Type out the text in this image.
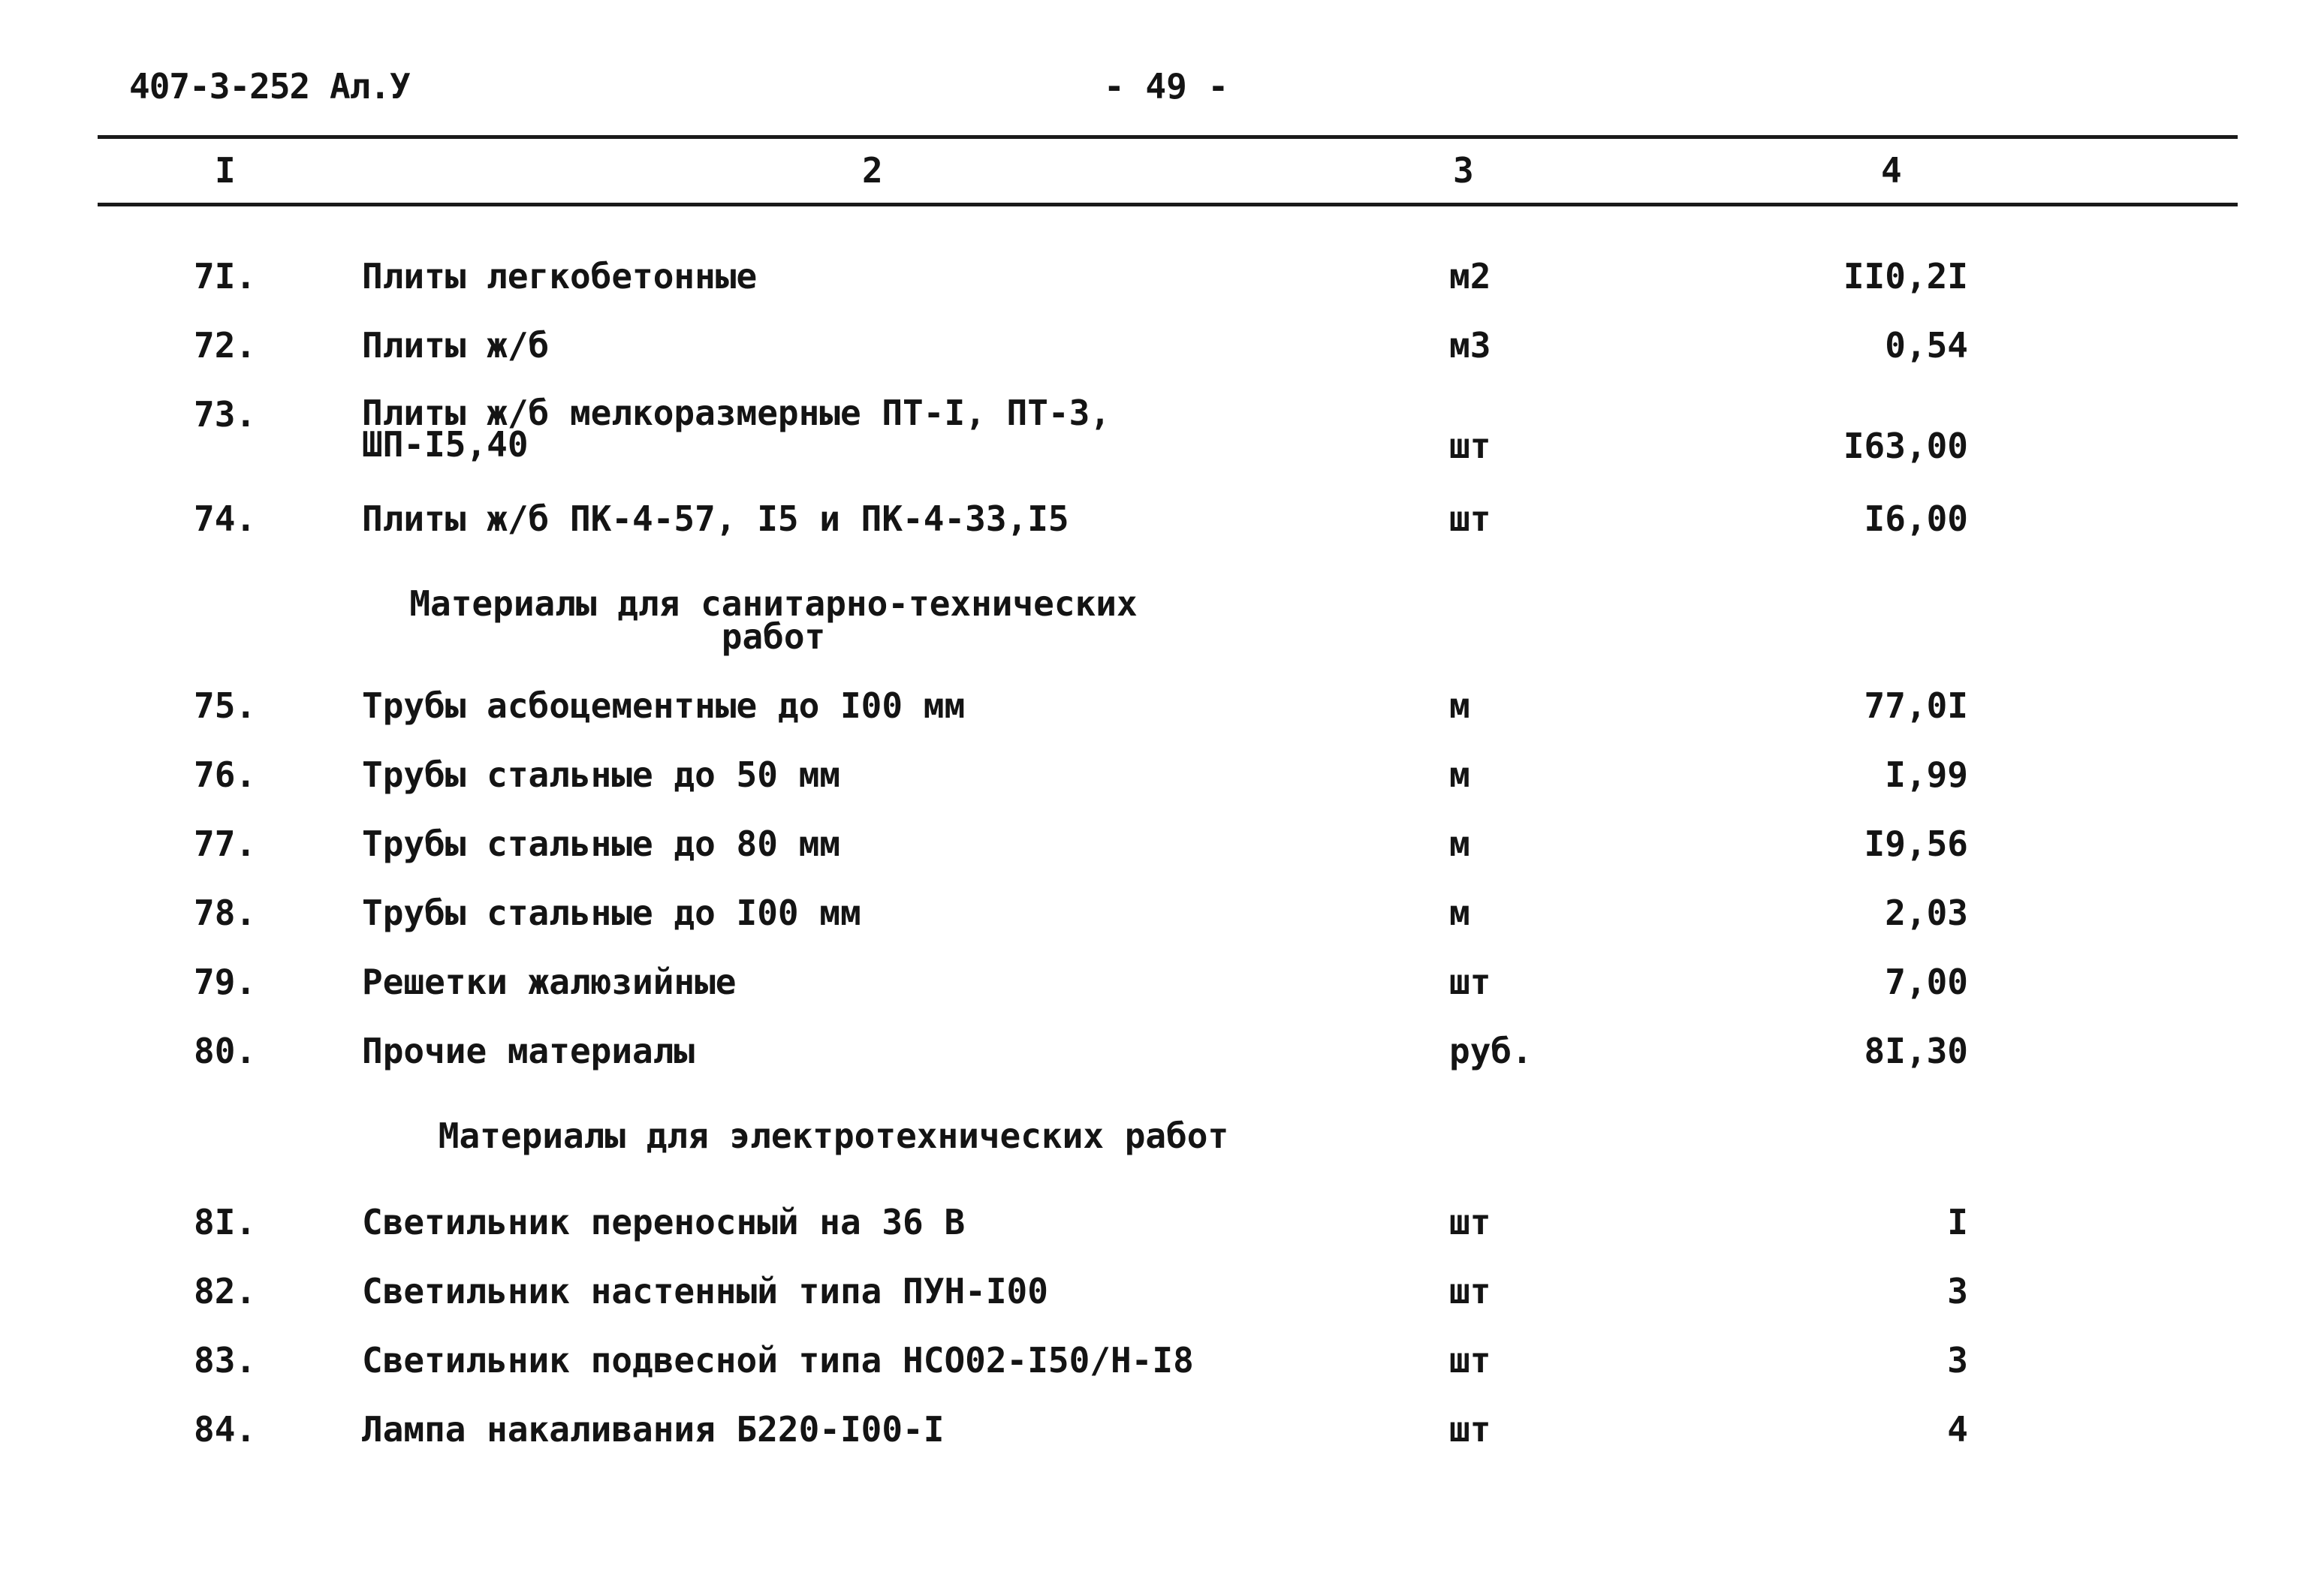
407-3-252 Ал.У	- 49 -
I	2	3	4
7I.	Плиты легкобетонные	м2	II0,2I
72.	Плиты ж/б	м3	0,54
73.	Плиты ж/б мелкоразмерные ПТ-I, ПТ-3, ШП-I5,40	шт	I63,00
74.	Плиты ж/б ПК-4-57, I5 и ПК-4-33,I5	шт	I6,00
Материалы для санитарно-технических работ
75.	Трубы асбоцементные до I00 мм	м	77,0I
76.	Трубы стальные до 50 мм	м	I,99
77.	Трубы стальные до 80 мм	м	I9,56
78.	Трубы стальные до I00 мм	м	2,03
79.	Решетки жалюзийные	шт	7,00
80.	Прочие материалы	руб.	8I,30
Материалы для электротехнических работ
8I.	Светильник переносный на 36 В	шт	I
82.	Светильник настенный типа ПУН-I00	шт	3
83.	Светильник подвесной типа НСО02-I50/Н-I8	шт	3
84.	Лампа накаливания Б220-I00-I	шт	4
